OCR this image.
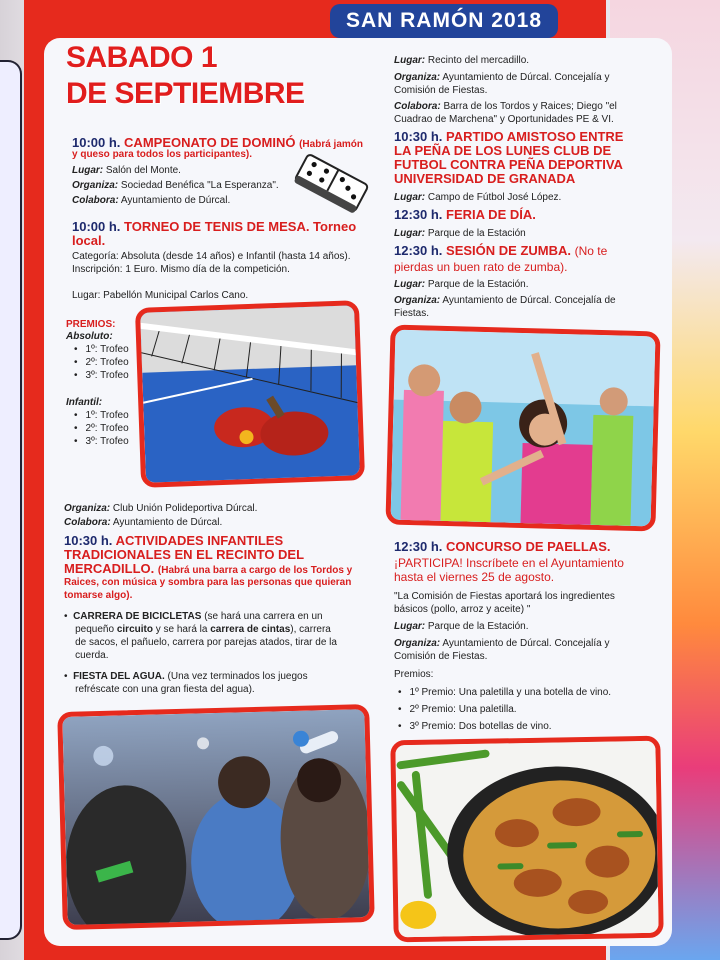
SAN RAMÓN 2018
SABADO 1
DE SEPTIEMBRE
10:00 h. CAMPEONATO DE DOMINÓ (Habrá jamón
y queso para todos los participantes).
Lugar: Salón del Monte.
Organiza: Sociedad Benéfica "La Esperanza".
Colabora: Ayuntamiento de Dúrcal.
10:00 h. TORNEO DE TENIS DE MESA. Torneo
local.
Categoría: Absoluta (desde 14 años) e Infantil (hasta 14 años).
Inscripción: 1 Euro. Mismo día de la competición.
Lugar: Pabellón Municipal Carlos Cano.
PREMIOS:
Absoluto:
• 1º: Trofeo
• 2º: Trofeo
• 3º: Trofeo
Infantil:
• 1º: Trofeo
• 2º: Trofeo
• 3º: Trofeo
Organiza: Club Unión Polideportiva Dúrcal.
Colabora: Ayuntamiento de Dúrcal.
10:30 h. ACTIVIDADES INFANTILES
TRADICIONALES EN EL RECINTO DEL
MERCADILLO. (Habrá una barra a cargo de los Tordos y
Raices, con música y sombra para las personas que quieran
tomarse algo).
•  CARRERA DE BICICLETAS (se hará una carrera en un
pequeño circuito y se hará la carrera de cintas), carrera
de sacos, el pañuelo, carrera por parejas atados, tirar de la
cuerda.
•  FIESTA DEL AGUA. (Una vez terminados los juegos
refréscate con una gran fiesta del agua).
Lugar: Recinto del mercadillo.
Organiza: Ayuntamiento de Dúrcal. Concejalía y
Comisión de Fiestas.
Colabora: Barra de los Tordos y Raices; Diego "el
Cuadrao de Marchena" y Oportunidades PE & VI.
10:30 h. PARTIDO AMISTOSO ENTRE
LA PEÑA DE LOS LUNES CLUB DE
FUTBOL CONTRA PEÑA DEPORTIVA
UNIVERSIDAD DE GRANADA
Lugar: Campo de Fútbol José López.
12:30 h. FERIA DE DÍA.
Lugar: Parque de la Estación
12:30 h. SESIÓN DE ZUMBA. (No te
pierdas un buen rato de zumba).
Lugar: Parque de la Estación.
Organiza: Ayuntamiento de Dúrcal. Concejalía de
Fiestas.
12:30 h. CONCURSO DE PAELLAS.
¡PARTICIPA! Inscríbete en el Ayuntamiento
hasta el viernes 25 de agosto.
"La Comisión de Fiestas aportará los ingredientes
básicos (pollo, arroz y aceite) "
Lugar: Parque de la Estación.
Organiza: Ayuntamiento de Dúrcal. Concejalía y
Comisión de Fiestas.
Premios:
• 1º Premio: Una paletilla y una botella de vino.
• 2º Premio: Una paletilla.
• 3º Premio: Dos botellas de vino.
